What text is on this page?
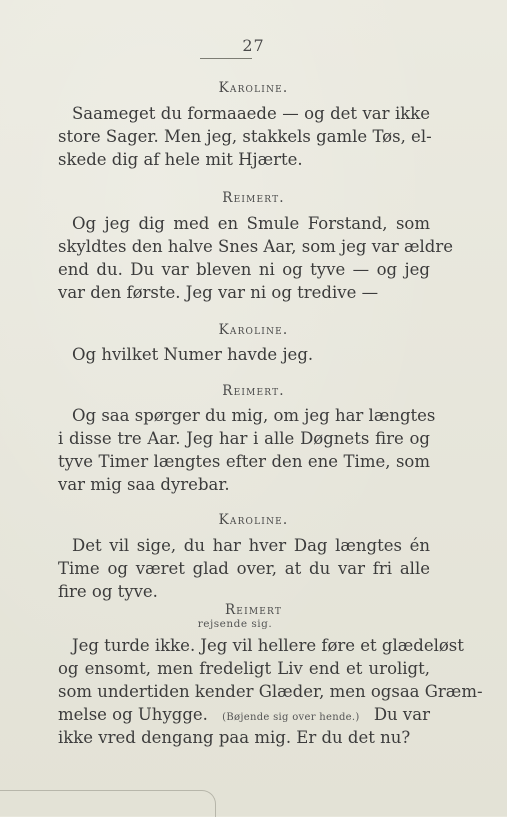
27
Karoline.
Saameget du formaaede — og det var ikke
store Sager. Men jeg, stakkels gamle Tøs, el-
skede dig af hele mit Hjærte.
Reimert.
Og jeg dig med en Smule Forstand, som
skyldtes den halve Snes Aar, som jeg var ældre
end du. Du var bleven ni og tyve — og jeg
var den første. Jeg var ni og tredive —
Karoline.
Og hvilket Numer havde jeg.
Reimert.
Og saa spørger du mig, om jeg har længtes
i disse tre Aar. Jeg har i alle Døgnets fire og
tyve Timer længtes efter den ene Time, som
var mig saa dyrebar.
Karoline.
Det vil sige, du har hver Dag længtes én
Time og været glad over, at du var fri alle
fire og tyve.
Reimert
rejsende sig.
Jeg turde ikke. Jeg vil hellere føre et glædeløst
og ensomt, men fredeligt Liv end et uroligt,
som undertiden kender Glæder, men ogsaa Græm-
melse og Uhygge. (Bøjende sig over hende.) Du var
ikke vred dengang paa mig. Er du det nu?
